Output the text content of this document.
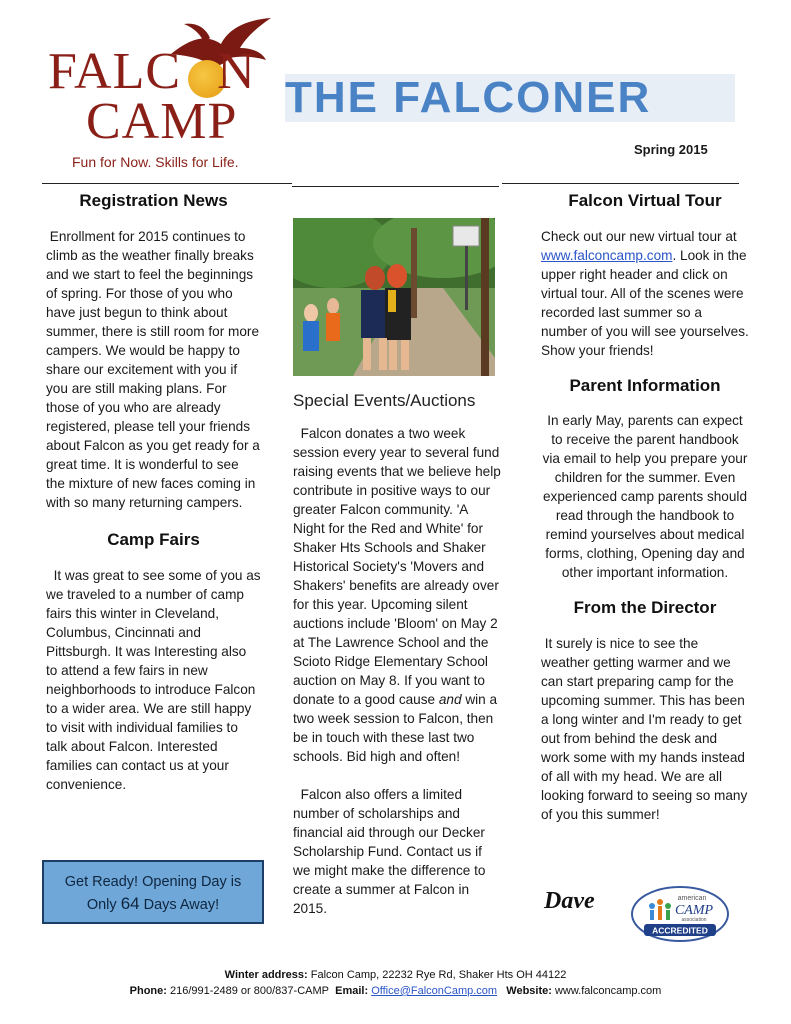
FALC N
CAMP
Fun for Now. Skills for Life.
THE FALCONER
Spring 2015
Registration News

Enrollment for 2015 continues to climb as the weather finally breaks and we start to feel the beginnings of spring. For those of you who have just begun to think about summer, there is still room for more campers. We would be happy to share our excitement with you if you are still making plans. For those of you who are already registered, please tell your friends about Falcon as you get ready for a great time. It is wonderful to see the mixture of new faces coming in with so many returning campers.

Camp Fairs

It was great to see some of you as we traveled to a number of camp fairs this winter in Cleveland, Columbus, Cincinnati and Pittsburgh. It was Interesting also to attend a few fairs in new neighborhoods to introduce Falcon to a wider area. We are still happy to visit with individual families to talk about Falcon. Interested families can contact us at your convenience.

Get Ready! Opening Day is
Only 64 Days Away!
Special Events/Auctions

Falcon donates a two week session every year to several fund raising events that we believe help contribute in positive ways to our greater Falcon community. 'A Night for the Red and White' for Shaker Hts Schools and Shaker Historical Society's 'Movers and Shakers' benefits are already over for this year. Upcoming silent auctions include 'Bloom' on May 2 at The Lawrence School and the Scioto Ridge Elementary School auction on May 8. If you want to donate to a good cause and win a two week session to Falcon, then be in touch with these last two schools. Bid high and often!

Falcon also offers a limited number of scholarships and financial aid through our Decker Scholarship Fund. Contact us if we might make the difference to create a summer at Falcon in 2015.

Falcon Virtual Tour

Check out our new virtual tour at www.falconcamp.com. Look in the upper right header and click on virtual tour. All of the scenes were recorded last summer so a number of you will see yourselves. Show your friends!

Parent Information

In early May, parents can expect to receive the parent handbook via email to help you prepare your children for the summer. Even experienced camp parents should read through the handbook to remind yourselves about medical forms, clothing, Opening day and other important information.

From the Director

It surely is nice to see the weather getting warmer and we can start preparing camp for the upcoming summer. This has been a long winter and I'm ready to get out from behind the desk and work some with my hands instead of all with my head. We are all looking forward to seeing so many of you this summer!

Dave	american
CAMP
association
ACCREDITED
Winter address: Falcon Camp, 22232 Rye Rd, Shaker Hts OH 44122
Phone: 216/991-2489 or 800/837-CAMP Email: Office@FalconCamp.com Website: www.falconcamp.com
